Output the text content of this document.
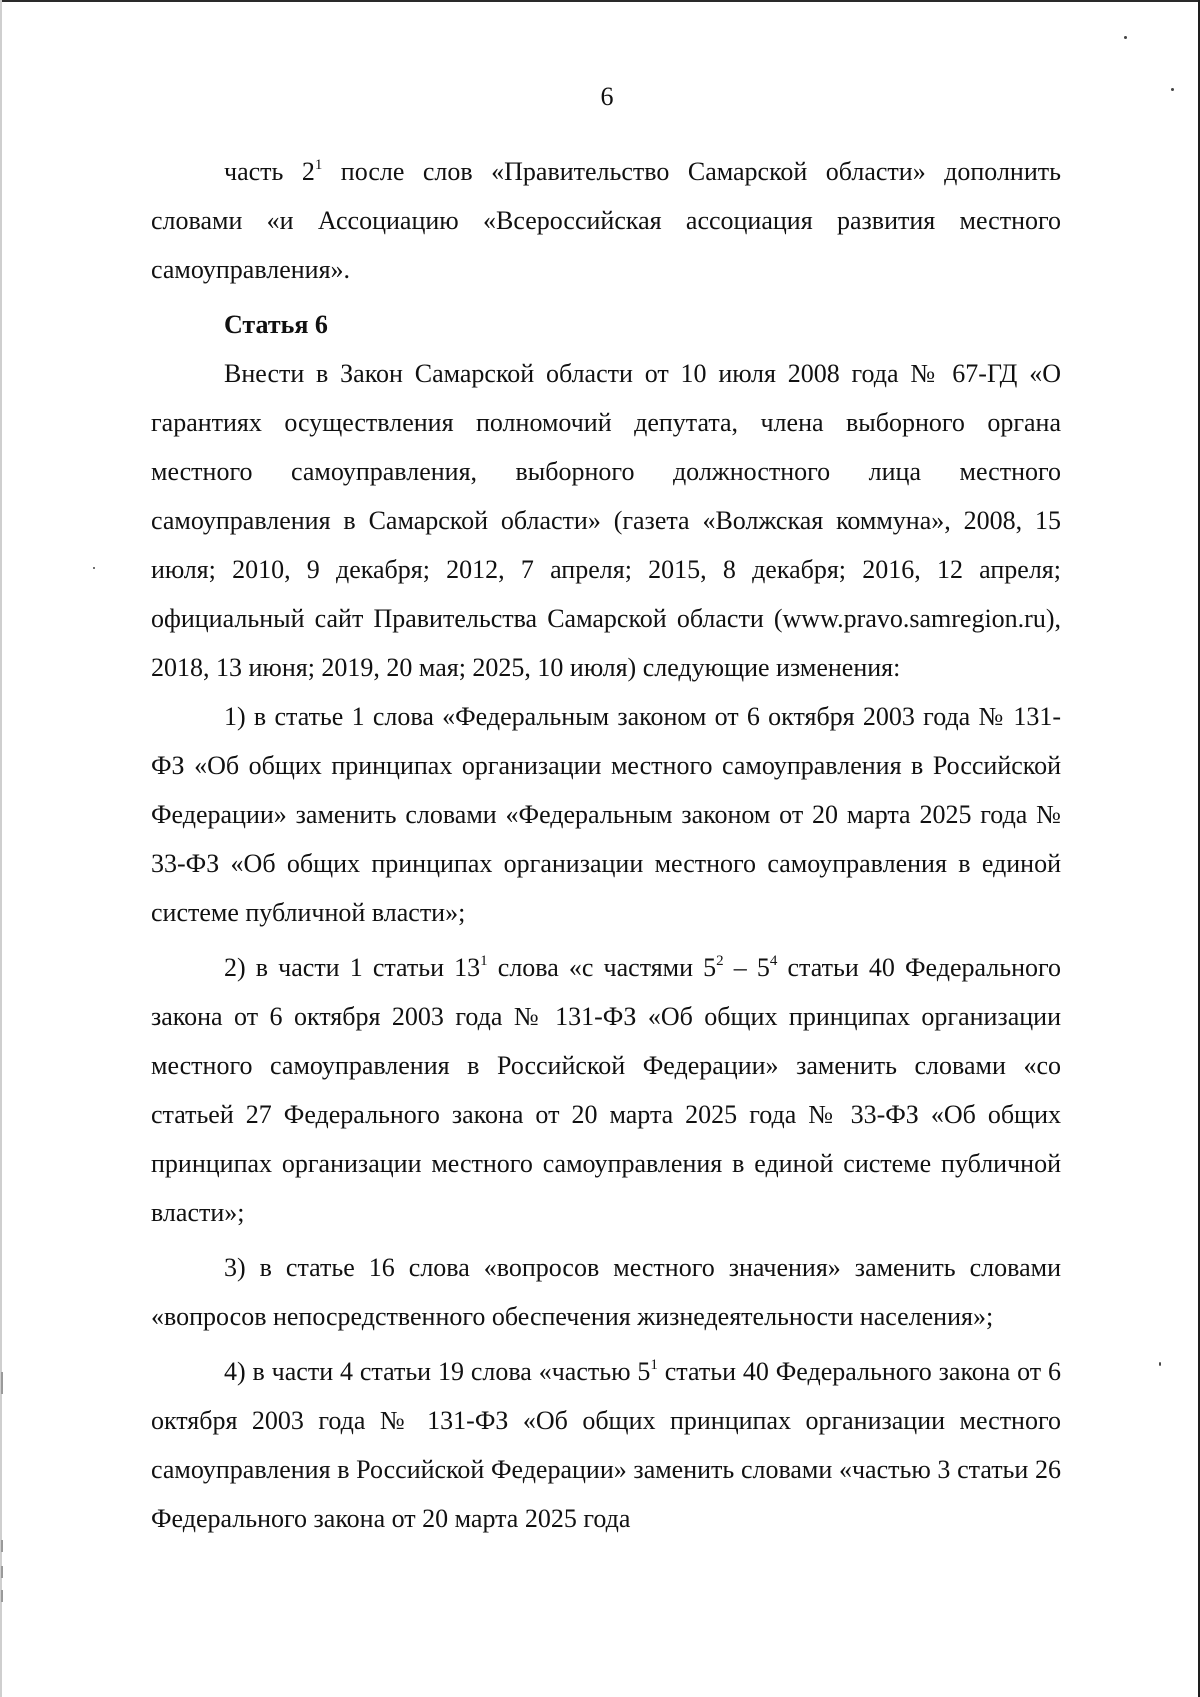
6

часть $2^1$ после слов «Правительство Самарской области» дополнить словами «и Ассоциацию «Всероссийская ассоциация развития местного самоуправления».

Статья 6

Внести в Закон Самарской области от 10 июля 2008 года № 67-ГД «О гарантиях осуществления полномочий депутата, члена выборного органа местного самоуправления, выборного должностного лица местного самоуправления в Самарской области» (газета «Волжская коммуна», 2008, 15 июля; 2010, 9 декабря; 2012, 7 апреля; 2015, 8 декабря; 2016, 12 апреля; официальный сайт Правительства Самарской области (www.pravo.samregion.ru), 2018, 13 июня; 2019, 20 мая; 2025, 10 июля) следующие изменения:

1) в статье 1 слова «Федеральным законом от 6 октября 2003 года № 131-ФЗ «Об общих принципах организации местного самоуправления в Российской Федерации» заменить словами «Федеральным законом от 20 марта 2025 года № 33-ФЗ «Об общих принципах организации местного самоуправления в единой системе публичной власти»;

2) в части 1 статьи $13^1$ слова «с частями $5^2 - 5^4$ статьи 40 Федерального закона от 6 октября 2003 года № 131-ФЗ «Об общих принципах организации местного самоуправления в Российской Федерации» заменить словами «со статьей 27 Федерального закона от 20 марта 2025 года № 33-ФЗ «Об общих принципах организации местного самоуправления в единой системе публичной власти»;

3) в статье 16 слова «вопросов местного значения» заменить словами «вопросов непосредственного обеспечения жизнедеятельности населения»;

4) в части 4 статьи 19 слова «частью $5^1$ статьи 40 Федерального закона от 6 октября 2003 года № 131-ФЗ «Об общих принципах организации местного самоуправления в Российской Федерации» заменить словами «частью 3 статьи 26 Федерального закона от 20 марта 2025 года
